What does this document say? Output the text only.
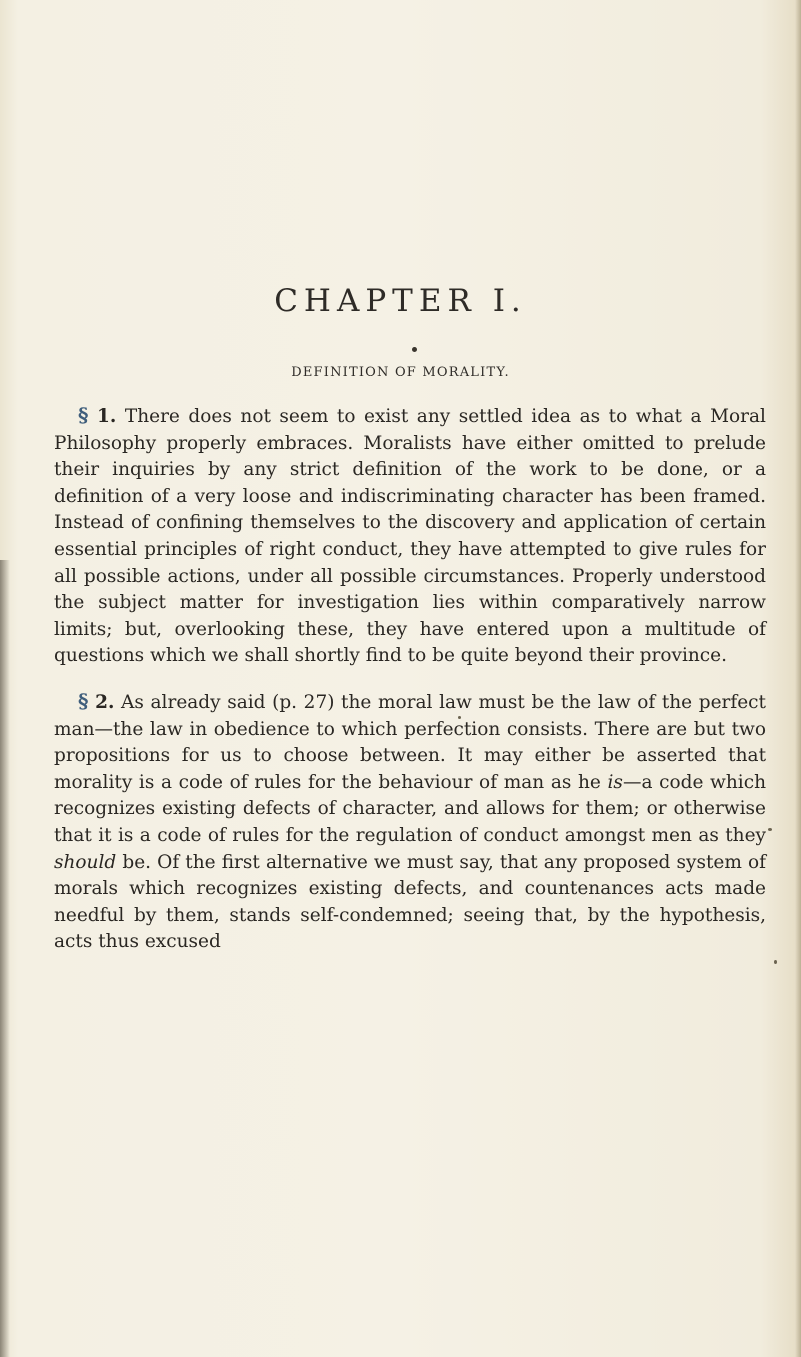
CHAPTER I.
DEFINITION OF MORALITY.

§ 1. There does not seem to exist any settled idea as to what a Moral Philosophy properly embraces. Moralists have either omitted to prelude their inquiries by any strict definition of the work to be done, or a definition of a very loose and indiscriminating character has been framed. Instead of confining themselves to the discovery and application of certain essential principles of right conduct, they have attempted to give rules for all possible actions, under all possible circumstances. Properly understood the subject matter for investigation lies within comparatively narrow limits; but, overlooking these, they have entered upon a multitude of questions which we shall shortly find to be quite beyond their province.

§ 2. As already said (p. 27) the moral law must be the law of the perfect man—the law in obedience to which perfection consists. There are but two propositions for us to choose between. It may either be asserted that morality is a code of rules for the behaviour of man as he is—a code which recognizes existing defects of character, and allows for them; or otherwise that it is a code of rules for the regulation of conduct amongst men as they should be. Of the first alternative we must say, that any proposed system of morals which recognizes existing defects, and countenances acts made needful by them, stands self-condemned; seeing that, by the hypothesis, acts thus excused
